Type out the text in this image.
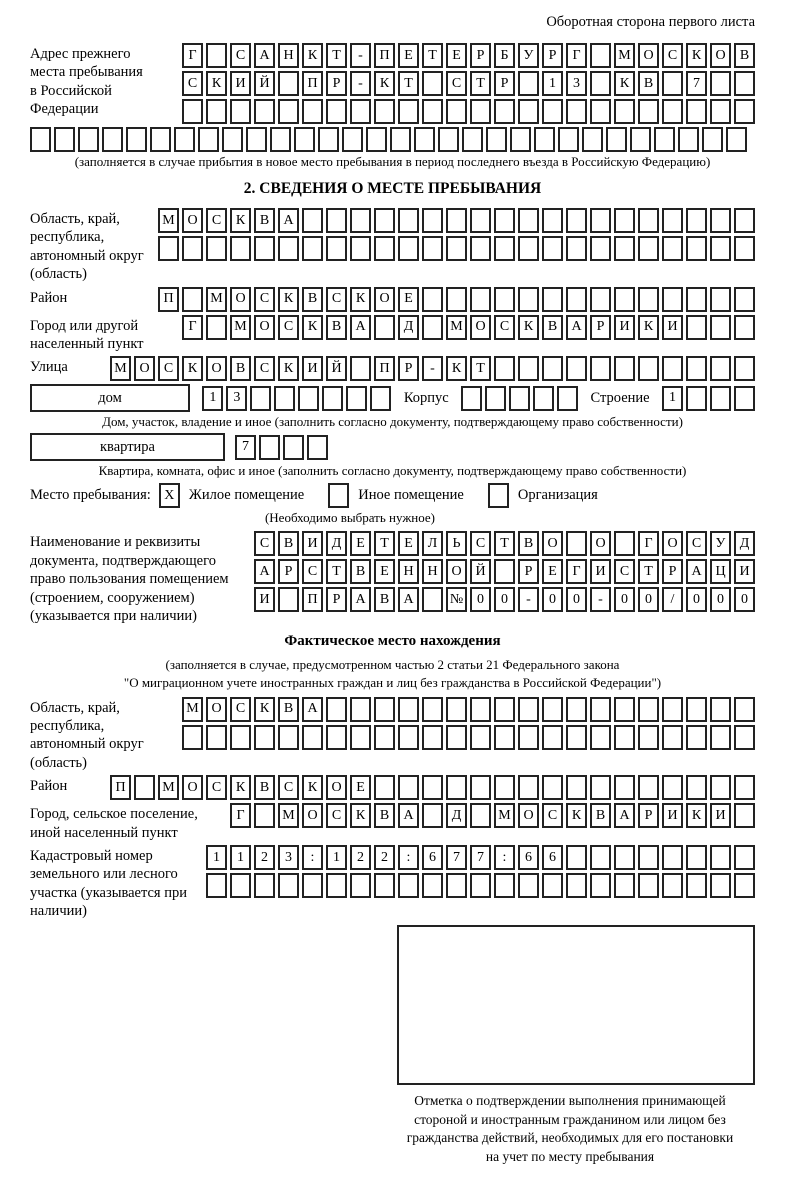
Оборотная сторона первого листа
Адрес прежнего места пребывания в Российской Федерации
Г	С	А Н	К	Т	-	П	Е	Т	Е	Р	Б	У	Р	Г	М О	С	К	О	В
С	К	И Й	П	Р	-	К	Т	С	Т	Р	1	3	К	В	7
(заполняется в случае прибытия в новое место пребывания в период последнего въезда в Российскую Федерацию)
2. СВЕДЕНИЯ О МЕСТЕ ПРЕБЫВАНИЯ
Область, край, республика, автономный округ (область)
М О	С	К	В	А
Район	П	М О	С	К	В	С	К	О	Е
Город или другой населенный пункт
Г	М О	С	К	В	А	Д	М О	С	К	В	А	Р	И	К	И
Улица	М О	С	К	О	В	С	К	И Й	П	Р	-	К	Т
дом	1	3	Корпус	Строение	1
Дом, участок, владение и иное (заполнить согласно документу, подтверждающему право собственности)
квартира	7
Квартира, комната, офис и иное (заполнить согласно документу, подтверждающему право собственности)
Место пребывания: X Жилое помещение	Иное помещение	Организация
(Необходимо выбрать нужное)
Наименование и реквизиты документа, подтверждающего право пользования помещением (строением, сооружением) (указывается при наличии)
С	В	И	Д	Е	Т	Е	Л	Ь	С	Т	В	О	О	Г	О	С	У	Д
А	Р	С	Т	В	Е	Н Н О Й	Р	Е	Г	И	С	Т	Р	А Ц И
И	П	Р	А	В	А	№ 0	0	-	0	0	-	0	0	/	0	0	0
Фактическое место нахождения
(заполняется в случае, предусмотренном частью 2 статьи 21 Федерального закона
"О миграционном учете иностранных граждан и лиц без гражданства в Российской Федерации")
Область, край, республика, автономный округ (область)
М О	С	К	В	А
Район	П	М О	С	К	В	С	К	О	Е
Город, сельское поселение, иной населенный пункт
Г	М О	С	К	В	А	Д	М О	С	К	В	А	Р	И	К	И
Кадастровый номер земельного или лесного участка (указывается при наличии)
1	1	2	3	:	1	2	2	:	6	7	7	:	6	6
Отметка о подтверждении выполнения принимающей
стороной и иностранным гражданином или лицом без
гражданства действий, необходимых для его постановки
на учет по месту пребывания
